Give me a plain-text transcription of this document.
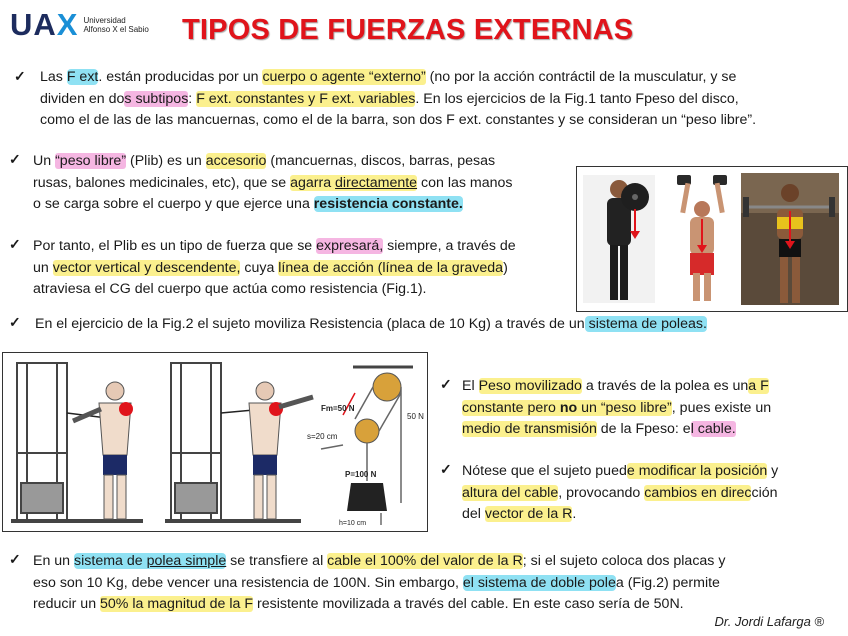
UAX Universidad
Alfonso X el Sabio TIPOS DE FUERZAS EXTERNAS
✓ Las F ext. están producidas por un cuerpo o agente “externo” (no por la acción contráctil de la musculatur, y se
dividen en dos subtipos: F ext. constantes y F ext. variables. En los ejercicios de la Fig.1 tanto Fpeso del disco,
como el de las de las mancuernas, como el de la barra, son dos F ext. constantes y se consideran un “peso libre”.
✓ Un “peso libre” (Plib) es un accesorio (mancuernas, discos, barras, pesas
rusas, balones medicinales, etc), que se agarra directamente con las manos
o se carga sobre el cuerpo y que ejerce una resistencia constante.
✓ Por tanto, el Plib es un tipo de fuerza que se expresará, siempre, a través de
un vector vertical y descendente, cuya línea de acción (línea de la graveda)
atraviesa el CG del cuerpo que actúa como resistencia (Fig.1).
✓ En el ejercicio de la Fig.2 el sujeto moviliza Resistencia (placa de 10 Kg) a través de un sistema de poleas.
Fm=50 N
50 N
s=20 cm
P=100 N
h=10 cm
✓ El Peso movilizado a través de la polea es una F
constante pero no un “peso libre”, pues existe un
medio de transmisión de la Fpeso: el cable.
✓ Nótese que el sujeto puede modificar la posición y
altura del cable, provocando cambios en dirección
del vector de la R.
✓ En un sistema de polea simple se transfiere al cable el 100% del valor de la R; si el sujeto coloca dos placas y
eso son 10 Kg, debe vencer una resistencia de 100N. Sin embargo, el sistema de doble polea (Fig.2) permite
reducir un 50% la magnitud de la F resistente movilizada a través del cable. En este caso sería de 50N.
Dr. Jordi Lafarga ®
